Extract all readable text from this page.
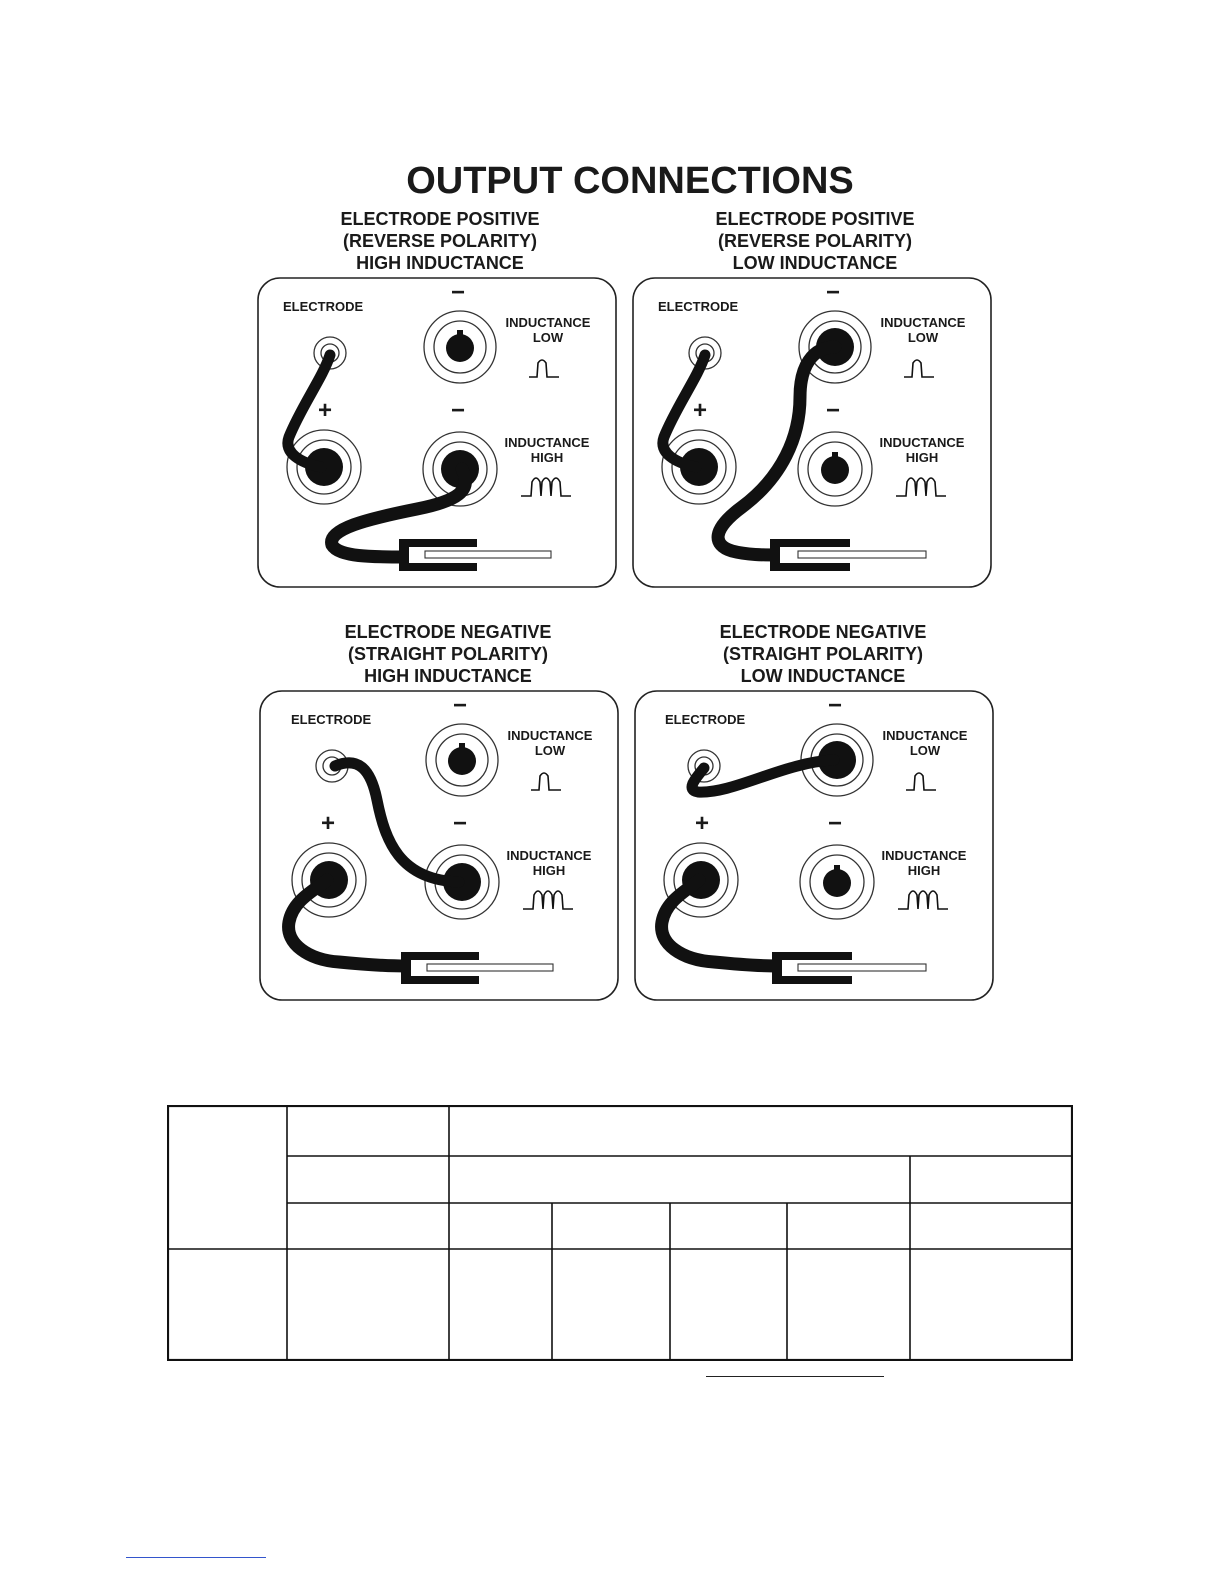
OUTPUT CONNECTIONS
ELECTRODE POSITIVE
(REVERSE POLARITY)
HIGH INDUCTANCE
ELECTRODE POSITIVE
(REVERSE POLARITY)
LOW INDUCTANCE
ELECTRODE NEGATIVE
(STRAIGHT POLARITY)
HIGH INDUCTANCE
ELECTRODE NEGATIVE
(STRAIGHT POLARITY)
LOW INDUCTANCE
ELECTRODE
−
−
+
INDUCTANCE
LOW
INDUCTANCE
HIGH
ELECTRODE
−
−
+
INDUCTANCE
LOW
INDUCTANCE
HIGH
ELECTRODE
−
−
+
INDUCTANCE
LOW
INDUCTANCE
HIGH
ELECTRODE
−
−
+
INDUCTANCE
LOW
INDUCTANCE
HIGH
